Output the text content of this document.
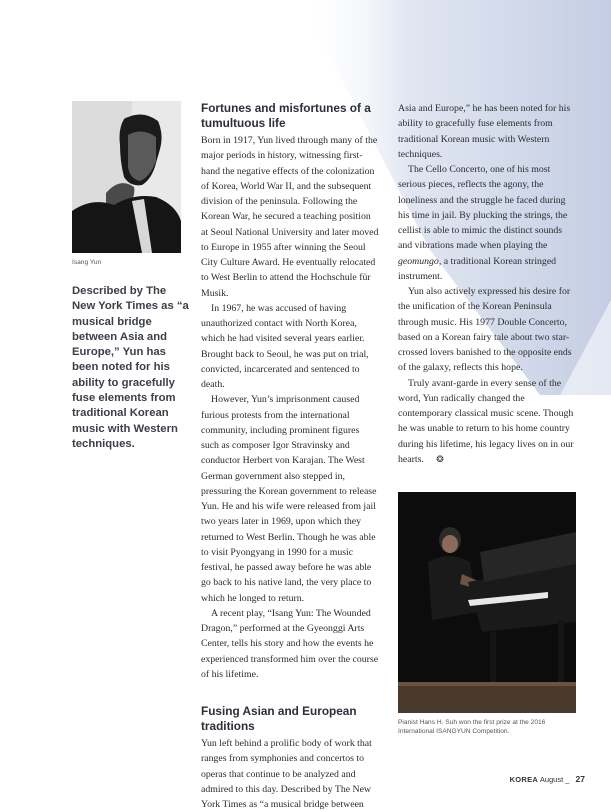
Isang Yun
Described by The New York Times as “a musical bridge between Asia and Europe,” Yun has been noted for his ability to gracefully fuse elements from traditional Korean music with Western techniques.
Fortunes and misfortunes of a tumultuous life

Born in 1917, Yun lived through many of the major periods in history, witnessing first-hand the negative effects of the colonization of Korea, World War II, and the subsequent division of the peninsula. Following the Korean War, he secured a teaching position at Seoul National University and later moved to Europe in 1955 after winning the Seoul City Culture Award. He eventually relocated to West Berlin to attend the Hochschule für Musik.

In 1967, he was accused of having unauthorized contact with North Korea, which he had visited several years earlier. Brought back to Seoul, he was put on trial, convicted, incarcerated and sentenced to death.

However, Yun’s imprisonment caused furious protests from the international community, including prominent figures such as composer Igor Stravinsky and conductor Herbert von Karajan. The West German government also stepped in, pressuring the Korean government to release Yun. He and his wife were released from jail two years later in 1969, upon which they returned to West Berlin. Though he was able to visit Pyongyang in 1990 for a music festival, he passed away before he was able go back to his native land, the very place to which he longed to return.

A recent play, “Isang Yun: The Wounded Dragon,” performed at the Gyeonggi Arts Center, tells his story and how the events he experienced transformed him over the course of his lifetime.

Fusing Asian and European traditions

Yun left behind a prolific body of work that ranges from symphonies and concertos to operas that continue to be analyzed and admired to this day. Described by The New York Times as “a musical bridge between

Asia and Europe,” he has been noted for his ability to gracefully fuse elements from traditional Korean music with Western techniques.

The Cello Concerto, one of his most serious pieces, reflects the agony, the loneliness and the struggle he faced during his time in jail. By plucking the strings, the cellist is able to mimic the distinct sounds and vibrations made when playing the geomungo, a traditional Korean stringed instrument.

Yun also actively expressed his desire for the unification of the Korean Peninsula through music. His 1977 Double Concerto, based on a Korean fairy tale about two star-crossed lovers banished to the opposite ends of the galaxy, reflects this hope.

Truly avant-garde in every sense of the word, Yun radically changed the contemporary classical music scene. Though he was unable to return to his home country during his lifetime, his legacy lives on in our hearts. ❂

Pianist Hans H. Suh won the first prize at the 2016 International ISANGYUN Competition.
KOREA August _ 27
